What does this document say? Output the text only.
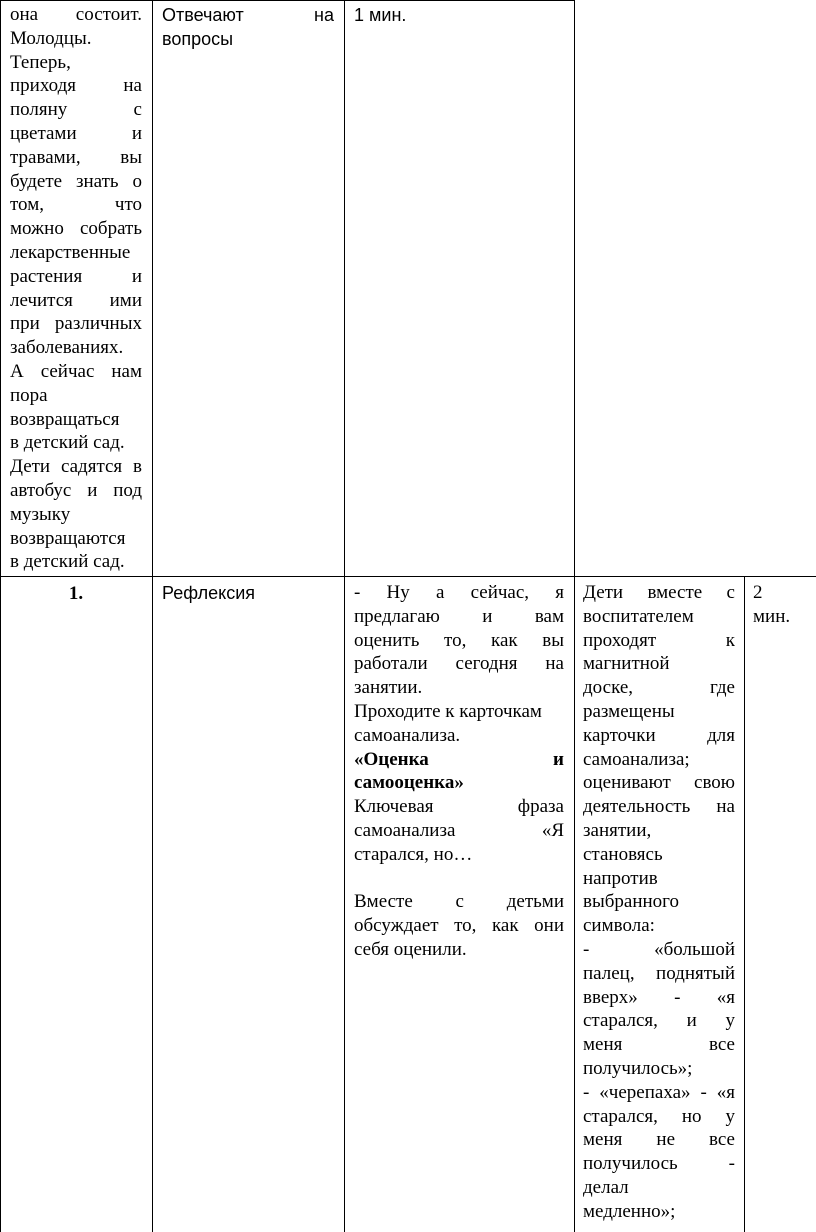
она состоит.
Молодцы.
Теперь,
приходя на
поляну с
цветами и
травами, вы
будете знать о
том, что
можно собрать
лекарственные
растения и
лечится ими
при различных
заболеваниях.
А сейчас нам
пора
возвращаться
в детский сад.
Дети садятся в
автобус и под
музыку
возвращаются
в детский сад.
Отвечают на
вопросы
1 мин.
1.	Рефлексия	- Ну а сейчас, я
предлагаю и вам
оценить то, как вы
работали сегодня на
занятии.
Проходите к карточкам
самоанализа.
«Оценка и
самооценка»
Ключевая фраза
самоанализа «Я
старался, но…
Вместе с детьми
обсуждает то, как они
себя оценили.
Дети вместе с
воспитателем
проходят к
магнитной
доске, где
размещены
карточки для
самоанализа;
оценивают свою
деятельность на
занятии,
становясь
напротив
выбранного
символа:
- «большой
палец, поднятый
вверх» - «я
старался, и у
меня все
получилось»;
- «черепаха» - «я
старался, но у
меня не все
получилось -
делал
медленно»;
2
мин.
